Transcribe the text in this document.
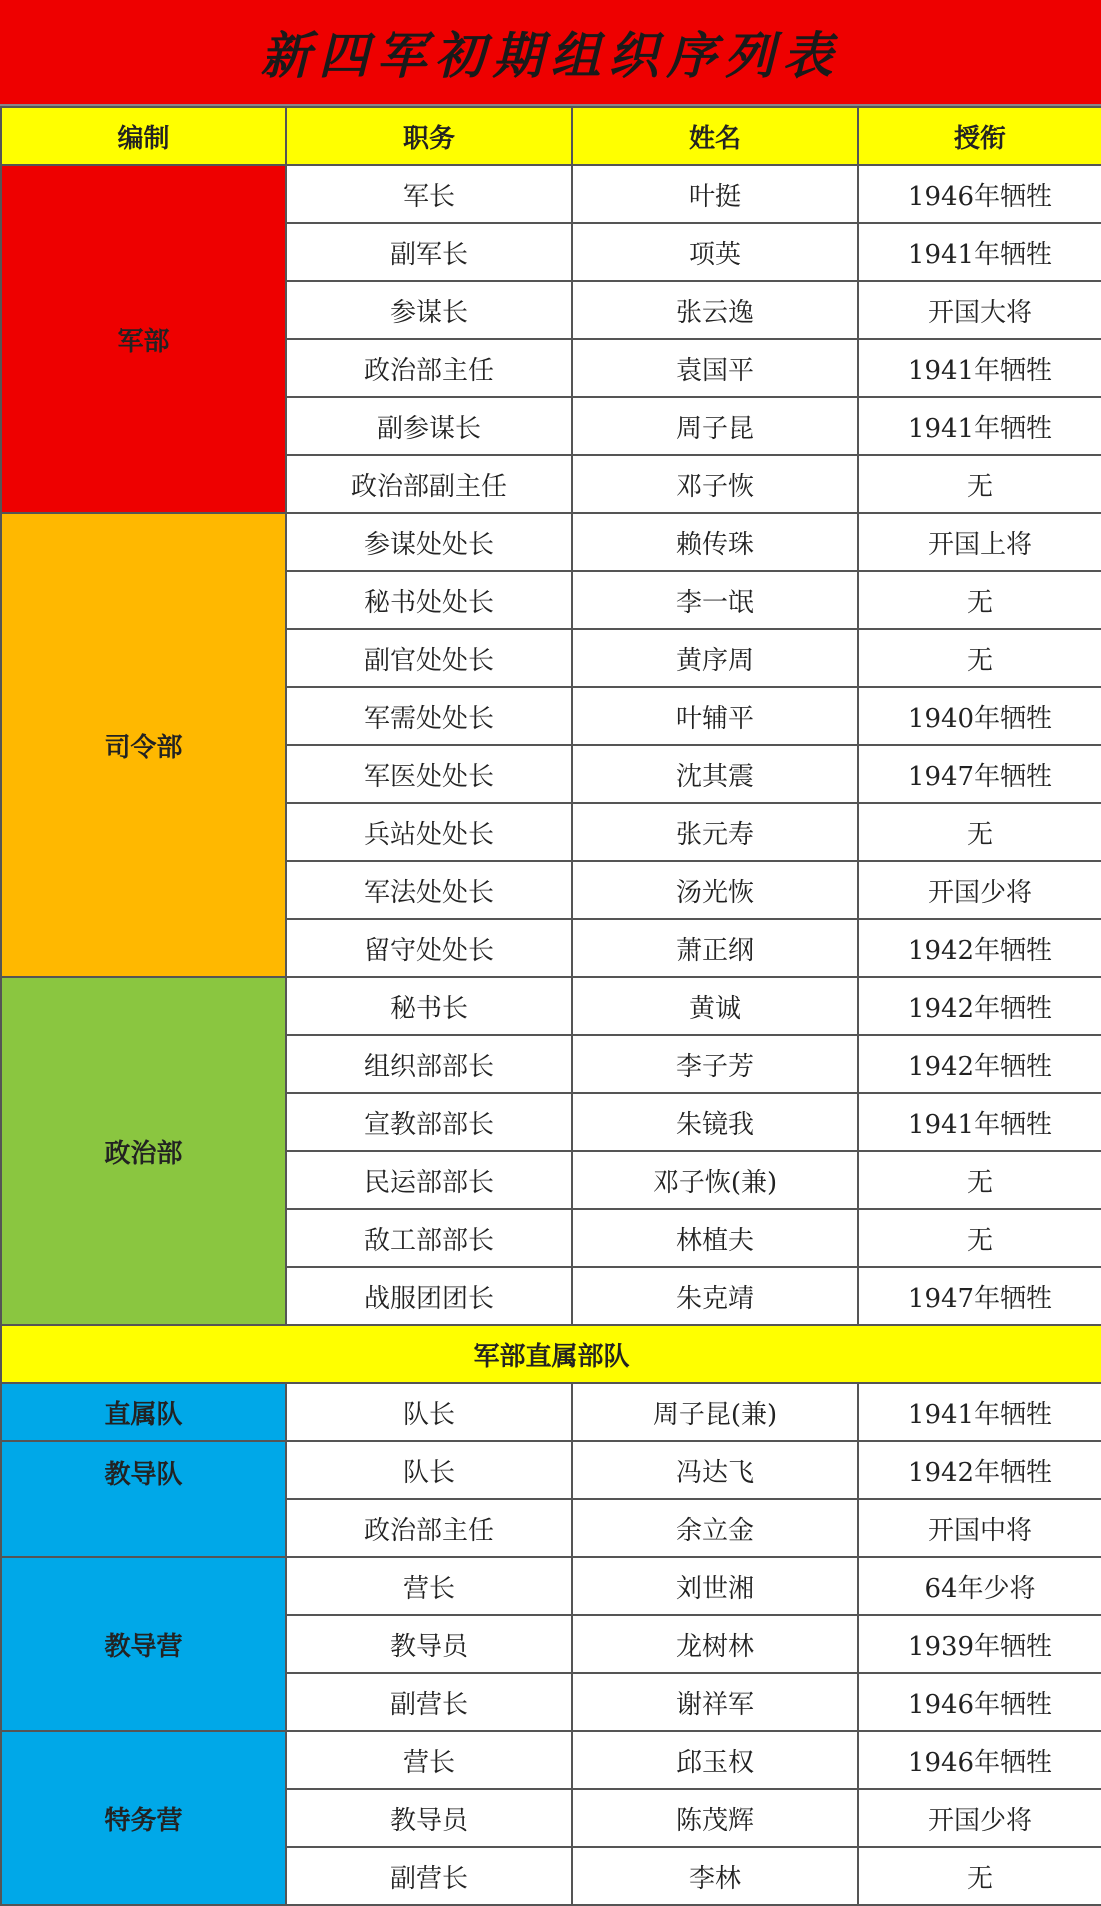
新四军初期组织序列表
编制	职务	姓名	授衔
军部	军长	叶挺	1946年牺牲
	副军长	项英	1941年牺牲
	参谋长	张云逸	开国大将
	政治部主任	袁国平	1941年牺牲
	副参谋长	周子昆	1941年牺牲
	政治部副主任	邓子恢	无
司令部	参谋处处长	赖传珠	开国上将
	秘书处处长	李一氓	无
	副官处处长	黄序周	无
	军需处处长	叶辅平	1940年牺牲
	军医处处长	沈其震	1947年牺牲
	兵站处处长	张元寿	无
	军法处处长	汤光恢	开国少将
	留守处处长	萧正纲	1942年牺牲
政治部	秘书长	黄诚	1942年牺牲
	组织部部长	李子芳	1942年牺牲
	宣教部部长	朱镜我	1941年牺牲
	民运部部长	邓子恢(兼)	无
	敌工部部长	林植夫	无
	战服团团长	朱克靖	1947年牺牲
军部直属部队			
直属队	队长	周子昆(兼)	1941年牺牲

教导队	队长	冯达飞	1942年牺牲
	政治部主任	余立金	开国中将
教导营	营长	刘世湘	64年少将
	教导员	龙树林	1939年牺牲
	副营长	谢祥军	1946年牺牲
特务营	营长	邱玉权	1946年牺牲
	教导员	陈茂辉	开国少将
	副营长	李林	无
